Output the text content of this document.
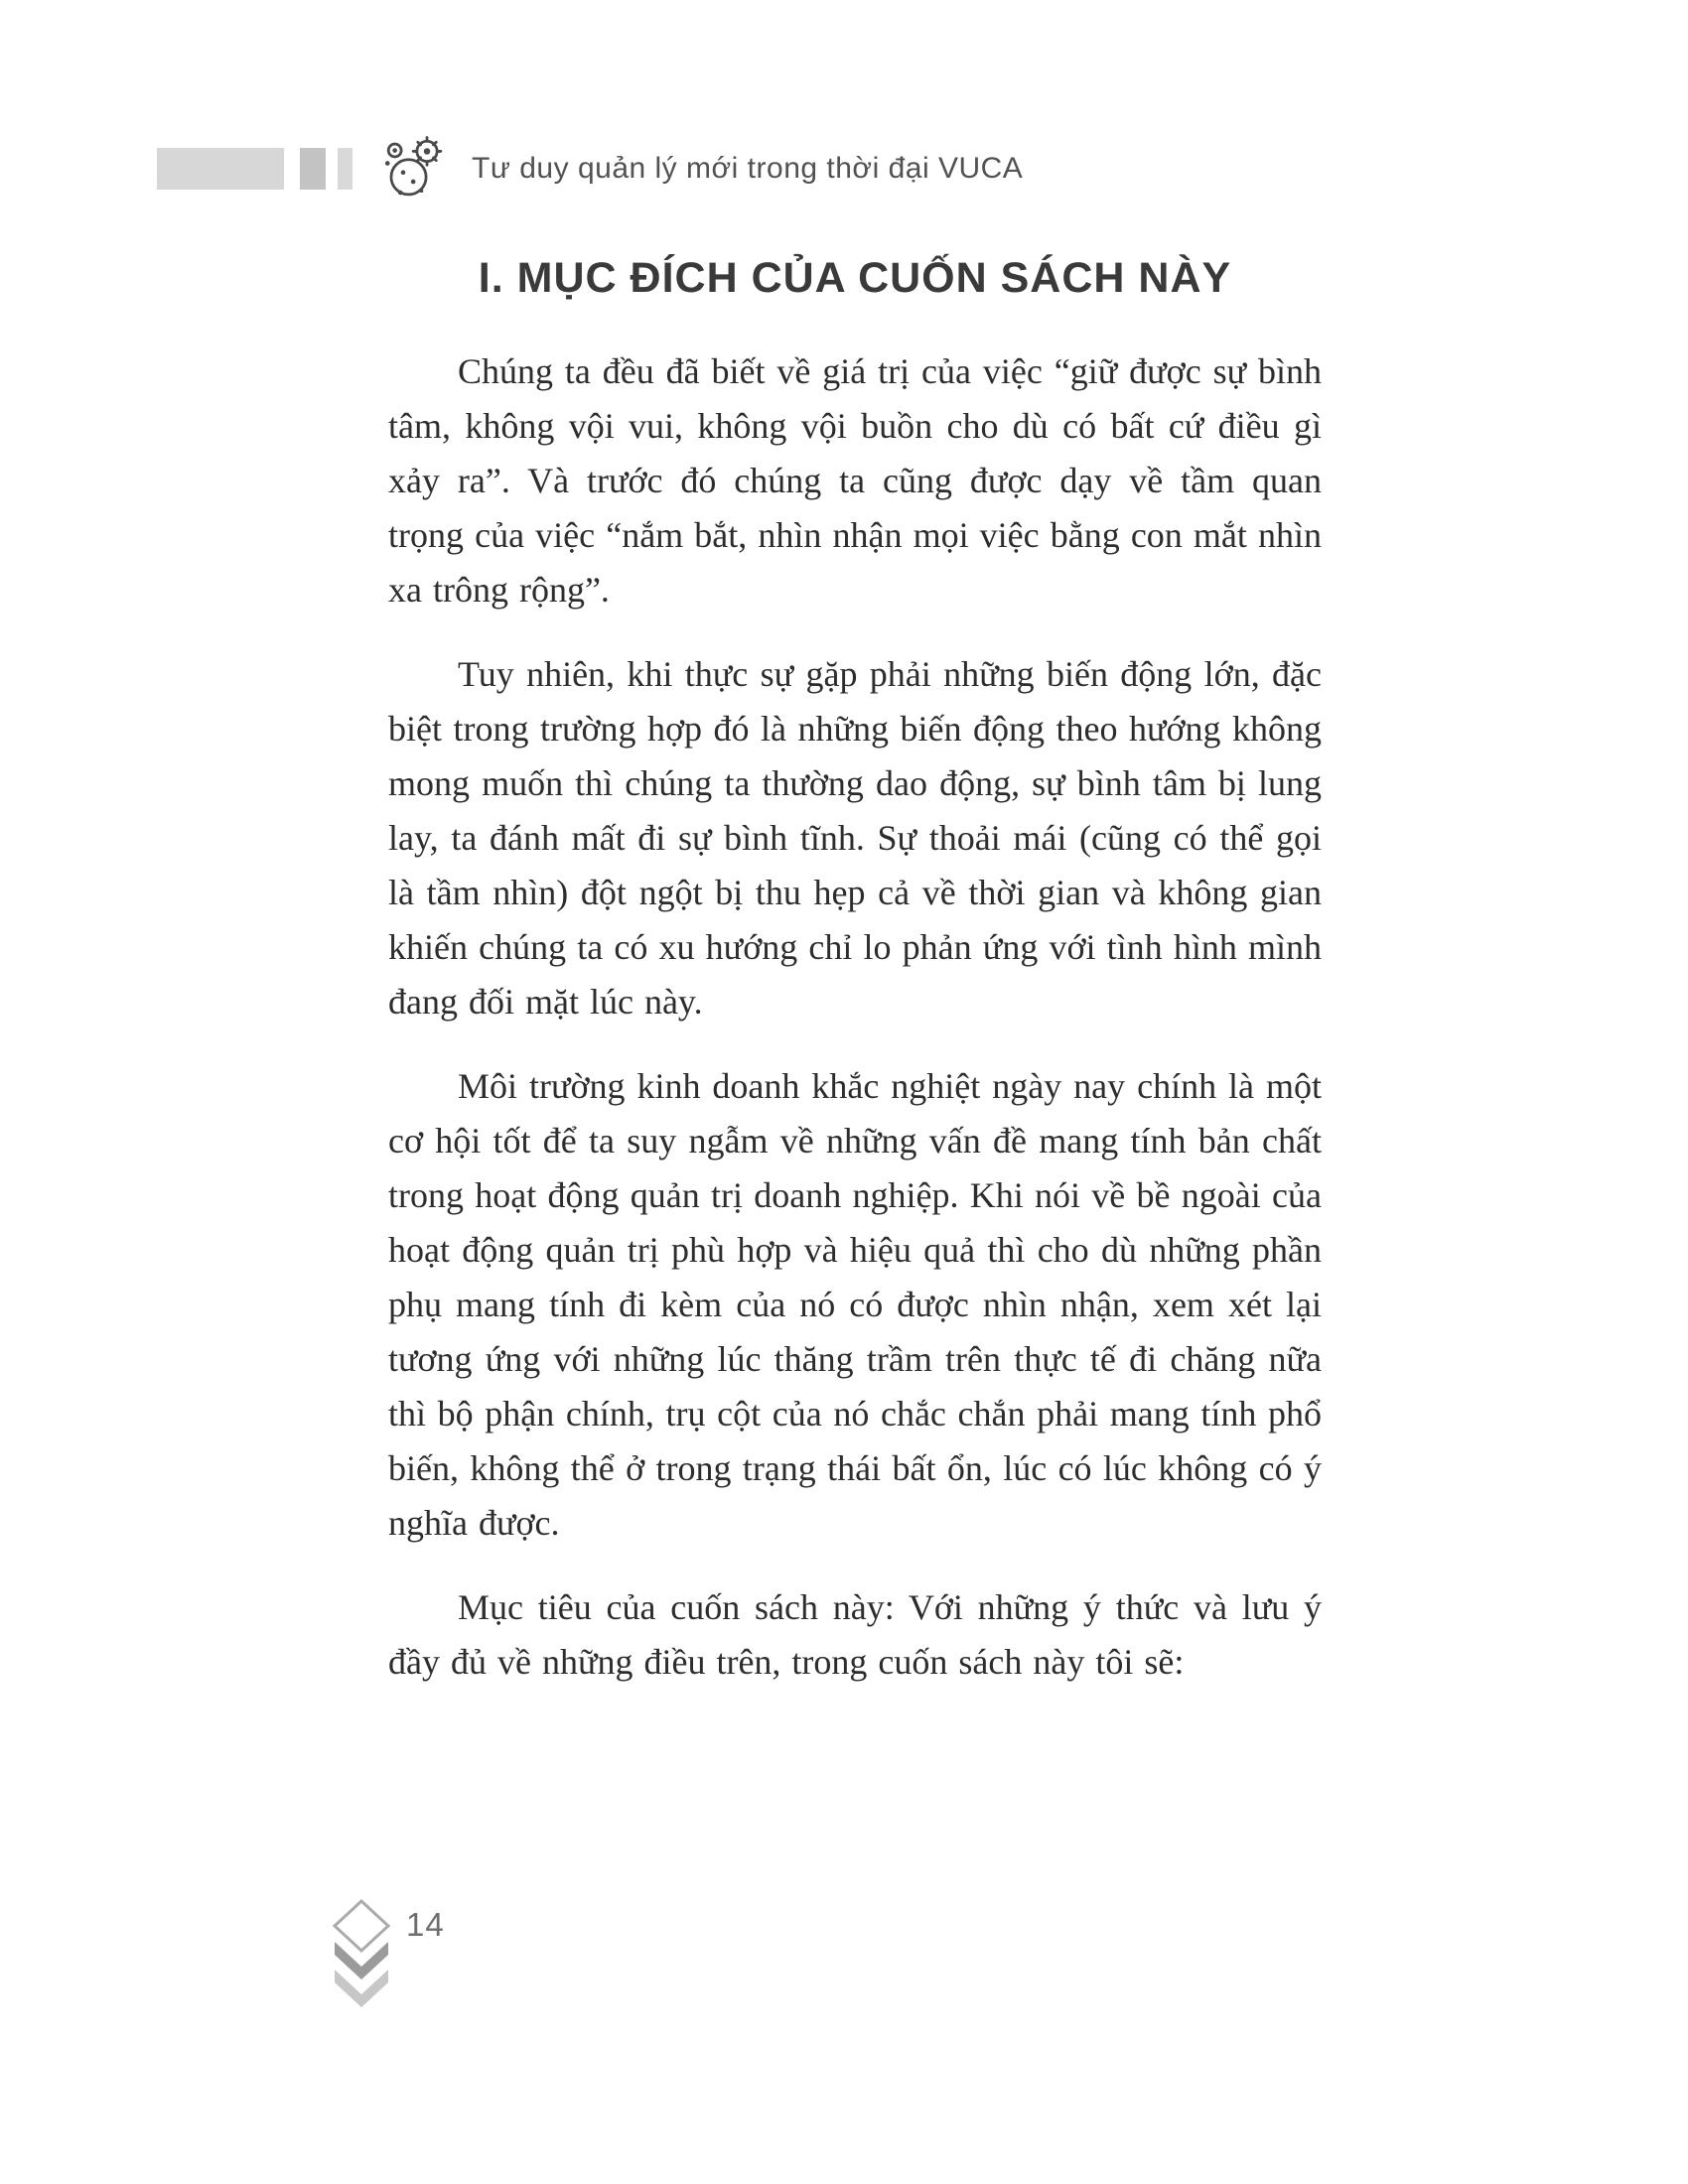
Tư duy quản lý mới trong thời đại VUCA
I. MỤC ĐÍCH CỦA CUỐN SÁCH NÀY

Chúng ta đều đã biết về giá trị của việc “giữ được sự bình tâm, không vội vui, không vội buồn cho dù có bất cứ điều gì xảy ra”. Và trước đó chúng ta cũng được dạy về tầm quan trọng của việc “nắm bắt, nhìn nhận mọi việc bằng con mắt nhìn xa trông rộng”.

Tuy nhiên, khi thực sự gặp phải những biến động lớn, đặc biệt trong trường hợp đó là những biến động theo hướng không mong muốn thì chúng ta thường dao động, sự bình tâm bị lung lay, ta đánh mất đi sự bình tĩnh. Sự thoải mái (cũng có thể gọi là tầm nhìn) đột ngột bị thu hẹp cả về thời gian và không gian khiến chúng ta có xu hướng chỉ lo phản ứng với tình hình mình đang đối mặt lúc này.

Môi trường kinh doanh khắc nghiệt ngày nay chính là một cơ hội tốt để ta suy ngẫm về những vấn đề mang tính bản chất trong hoạt động quản trị doanh nghiệp. Khi nói về bề ngoài của hoạt động quản trị phù hợp và hiệu quả thì cho dù những phần phụ mang tính đi kèm của nó có được nhìn nhận, xem xét lại tương ứng với những lúc thăng trầm trên thực tế đi chăng nữa thì bộ phận chính, trụ cột của nó chắc chắn phải mang tính phổ biến, không thể ở trong trạng thái bất ổn, lúc có lúc không có ý nghĩa được.

Mục tiêu của cuốn sách này: Với những ý thức và lưu ý đầy đủ về những điều trên, trong cuốn sách này tôi sẽ:

14
